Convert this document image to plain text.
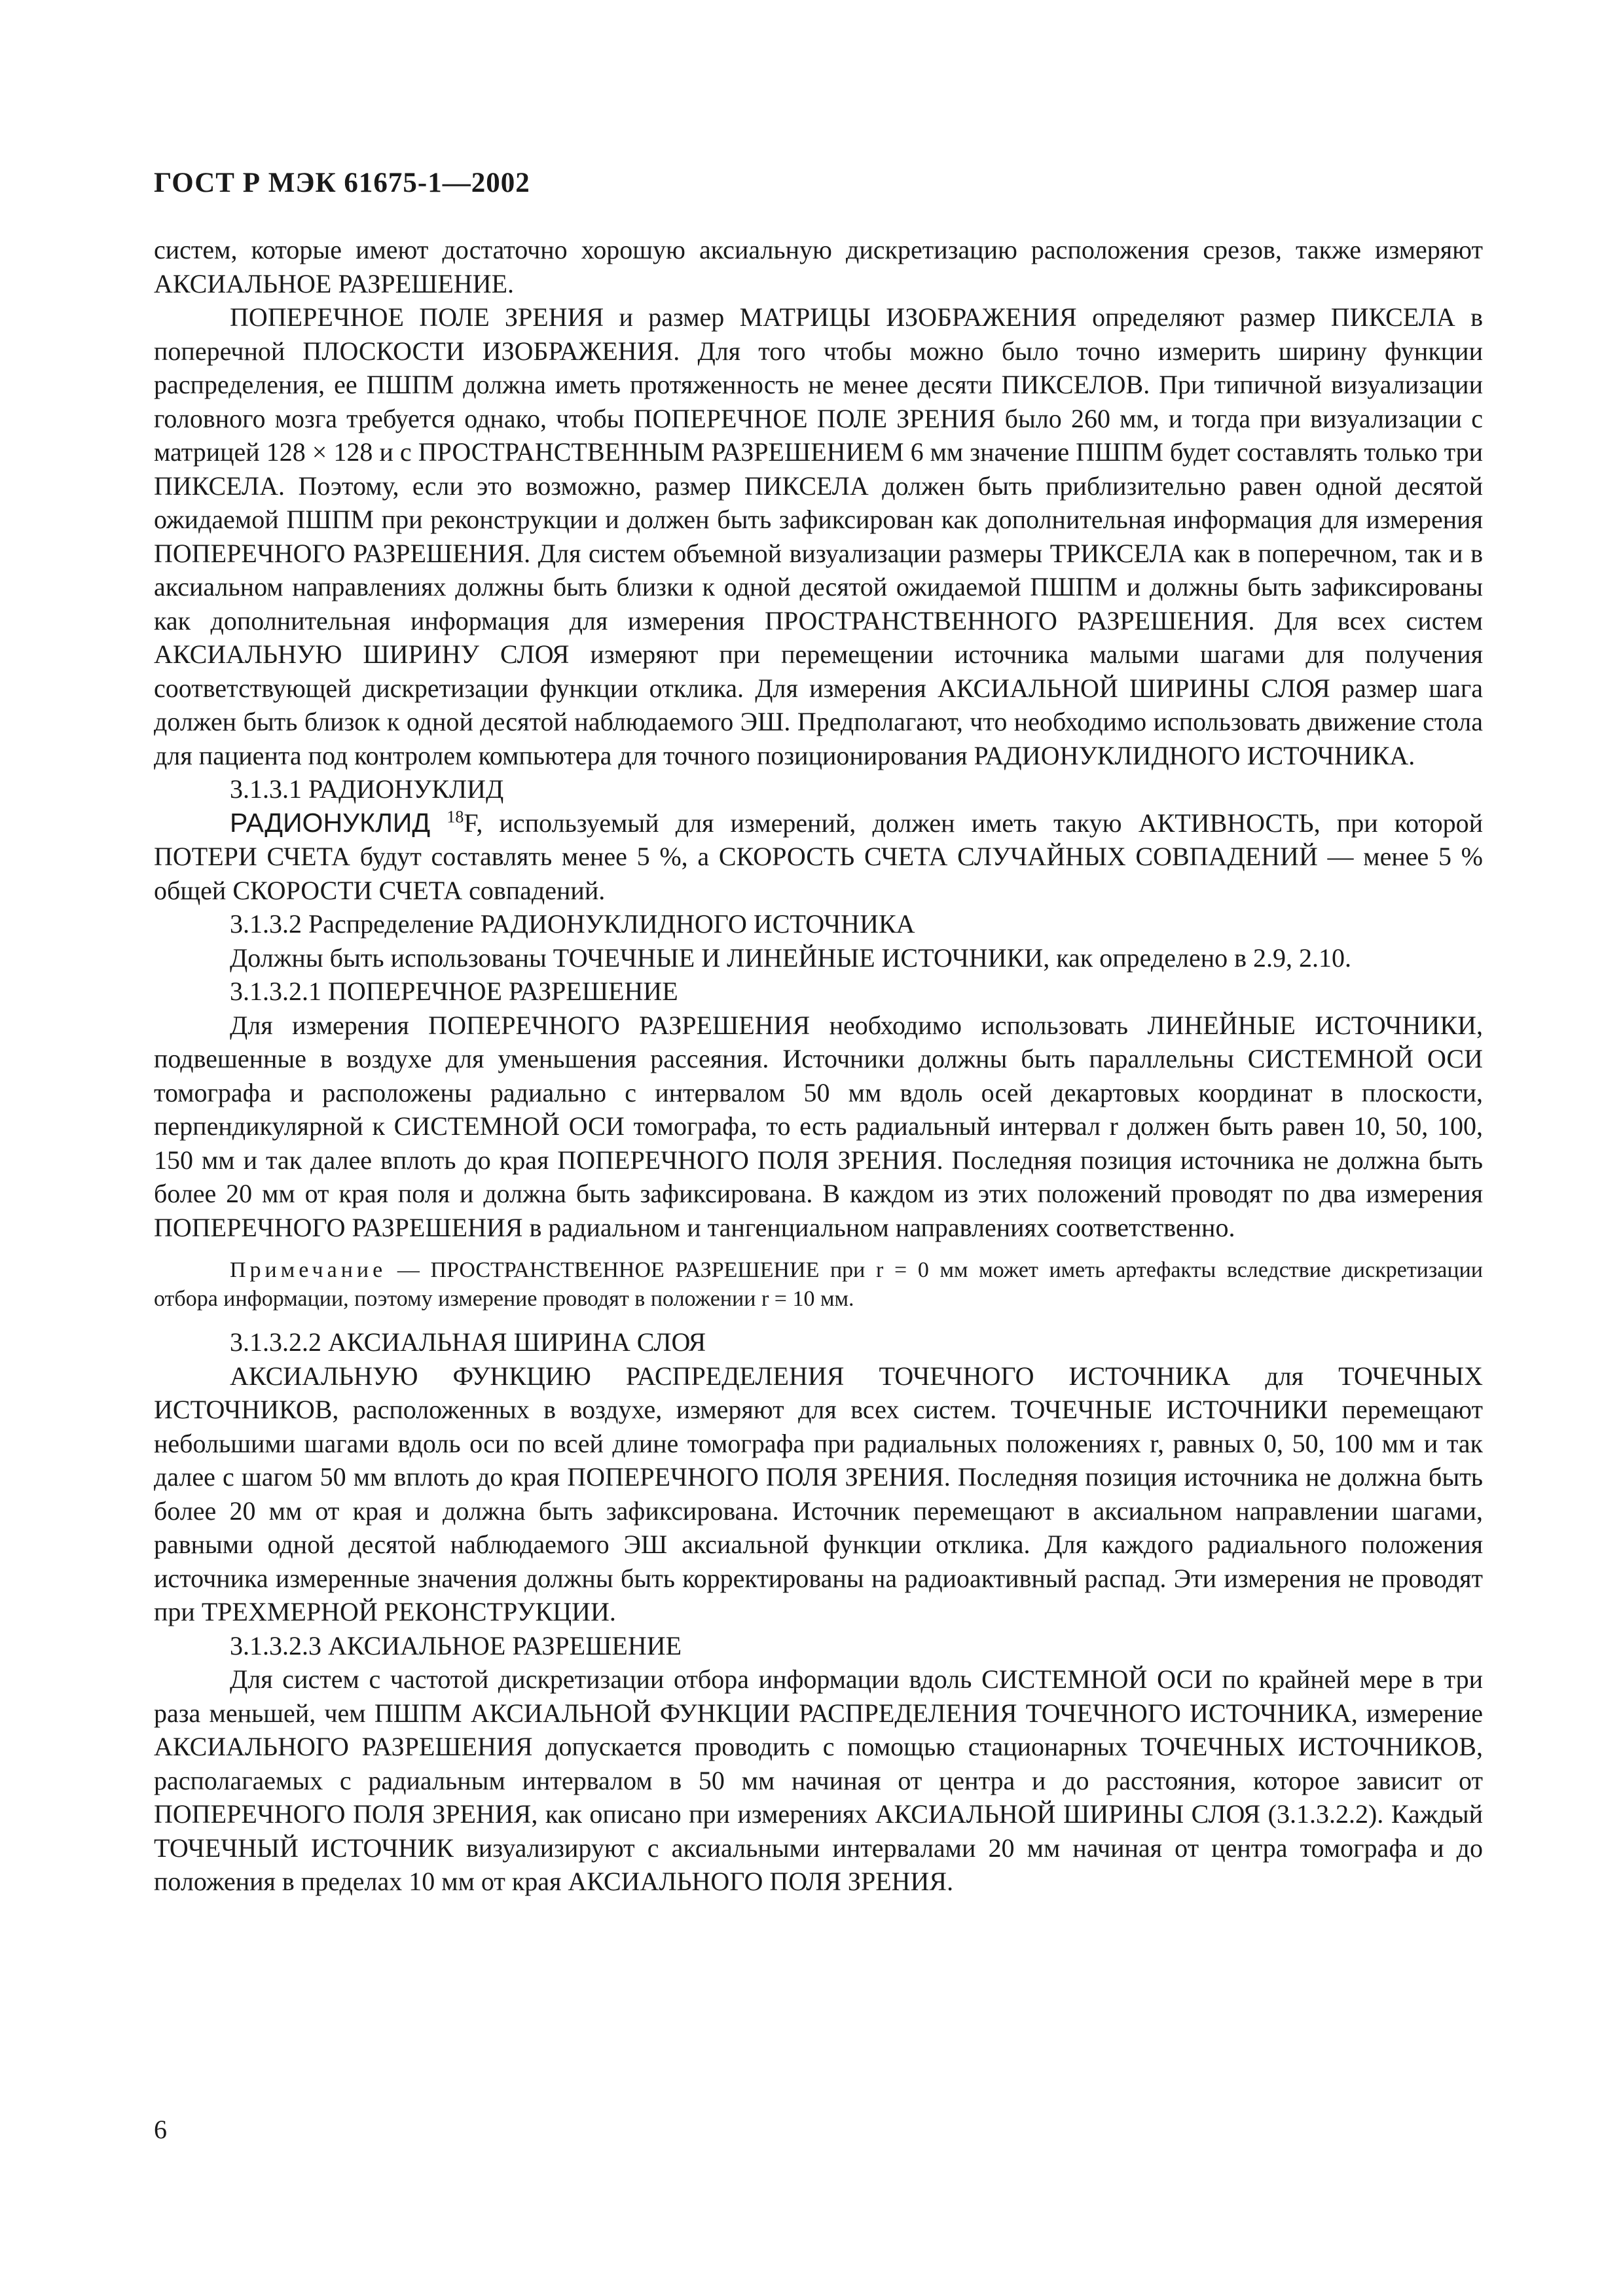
ГОСТ Р МЭК 61675-1—2002

систем, которые имеют достаточно хорошую аксиальную дискретизацию расположения срезов, также измеряют АКСИАЛЬНОЕ РАЗРЕШЕНИЕ.

ПОПЕРЕЧНОЕ ПОЛЕ ЗРЕНИЯ и размер МАТРИЦЫ ИЗОБРАЖЕНИЯ определяют размер ПИКСЕЛА в поперечной ПЛОСКОСТИ ИЗОБРАЖЕНИЯ. Для того чтобы можно было точно измерить ширину функции распределения, ее ПШПМ должна иметь протяженность не менее десяти ПИКСЕЛОВ. При типичной визуализации головного мозга требуется однако, чтобы ПОПЕРЕЧНОЕ ПОЛЕ ЗРЕНИЯ было 260 мм, и тогда при визуализации с матрицей 128 × 128 и с ПРОСТРАНСТВЕННЫМ РАЗРЕШЕНИЕМ 6 мм значение ПШПМ будет составлять только три ПИКСЕЛА. Поэтому, если это возможно, размер ПИКСЕЛА должен быть приблизительно равен одной десятой ожидаемой ПШПМ при реконструкции и должен быть зафиксирован как дополнительная информация для измерения ПОПЕРЕЧНОГО РАЗРЕШЕНИЯ. Для систем объемной визуализации размеры ТРИКСЕЛА как в поперечном, так и в аксиальном направлениях должны быть близки к одной десятой ожидаемой ПШПМ и должны быть зафиксированы как дополнительная информация для измерения ПРОСТРАНСТВЕННОГО РАЗРЕШЕНИЯ. Для всех систем АКСИАЛЬНУЮ ШИРИНУ СЛОЯ измеряют при перемещении источника малыми шагами для получения соответствующей дискретизации функции отклика. Для измерения АКСИАЛЬНОЙ ШИРИНЫ СЛОЯ размер шага должен быть близок к одной десятой наблюдаемого ЭШ. Предполагают, что необходимо использовать движение стола для пациента под контролем компьютера для точного позиционирования РАДИОНУКЛИДНОГО ИСТОЧНИКА.

3.1.3.1 РАДИОНУКЛИД

РАДИОНУКЛИД $^{18}$F, используемый для измерений, должен иметь такую АКТИВНОСТЬ, при которой ПОТЕРИ СЧЕТА будут составлять менее 5 %, а СКОРОСТЬ СЧЕТА СЛУЧАЙНЫХ СОВПАДЕНИЙ — менее 5 % общей СКОРОСТИ СЧЕТА совпадений.

3.1.3.2 Распределение РАДИОНУКЛИДНОГО ИСТОЧНИКА

Должны быть использованы ТОЧЕЧНЫЕ И ЛИНЕЙНЫЕ ИСТОЧНИКИ, как определено в 2.9, 2.10.

3.1.3.2.1 ПОПЕРЕЧНОЕ РАЗРЕШЕНИЕ

Для измерения ПОПЕРЕЧНОГО РАЗРЕШЕНИЯ необходимо использовать ЛИНЕЙНЫЕ ИСТОЧНИКИ, подвешенные в воздухе для уменьшения рассеяния. Источники должны быть параллельны СИСТЕМНОЙ ОСИ томографа и расположены радиально с интервалом 50 мм вдоль осей декартовых координат в плоскости, перпендикулярной к СИСТЕМНОЙ ОСИ томографа, то есть радиальный интервал r должен быть равен 10, 50, 100, 150 мм и так далее вплоть до края ПОПЕРЕЧНОГО ПОЛЯ ЗРЕНИЯ. Последняя позиция источника не должна быть более 20 мм от края поля и должна быть зафиксирована. В каждом из этих положений проводят по два измерения ПОПЕРЕЧНОГО РАЗРЕШЕНИЯ в радиальном и тангенциальном направлениях соответственно.

Примечание — ПРОСТРАНСТВЕННОЕ РАЗРЕШЕНИЕ при r = 0 мм может иметь артефакты вследствие дискретизации отбора информации, поэтому измерение проводят в положении r = 10 мм.

3.1.3.2.2 АКСИАЛЬНАЯ ШИРИНА СЛОЯ

АКСИАЛЬНУЮ ФУНКЦИЮ РАСПРЕДЕЛЕНИЯ ТОЧЕЧНОГО ИСТОЧНИКА для ТОЧЕЧНЫХ ИСТОЧНИКОВ, расположенных в воздухе, измеряют для всех систем. ТОЧЕЧНЫЕ ИСТОЧНИКИ перемещают небольшими шагами вдоль оси по всей длине томографа при радиальных положениях r, равных 0, 50, 100 мм и так далее с шагом 50 мм вплоть до края ПОПЕРЕЧНОГО ПОЛЯ ЗРЕНИЯ. Последняя позиция источника не должна быть более 20 мм от края и должна быть зафиксирована. Источник перемещают в аксиальном направлении шагами, равными одной десятой наблюдаемого ЭШ аксиальной функции отклика. Для каждого радиального положения источника измеренные значения должны быть корректированы на радиоактивный распад. Эти измерения не проводят при ТРЕХМЕРНОЙ РЕКОНСТРУКЦИИ.

3.1.3.2.3 АКСИАЛЬНОЕ РАЗРЕШЕНИЕ

Для систем с частотой дискретизации отбора информации вдоль СИСТЕМНОЙ ОСИ по крайней мере в три раза меньшей, чем ПШПМ АКСИАЛЬНОЙ ФУНКЦИИ РАСПРЕДЕЛЕНИЯ ТОЧЕЧНОГО ИСТОЧНИКА, измерение АКСИАЛЬНОГО РАЗРЕШЕНИЯ допускается проводить с помощью стационарных ТОЧЕЧНЫХ ИСТОЧНИКОВ, располагаемых с радиальным интервалом в 50 мм начиная от центра и до расстояния, которое зависит от ПОПЕРЕЧНОГО ПОЛЯ ЗРЕНИЯ, как описано при измерениях АКСИАЛЬНОЙ ШИРИНЫ СЛОЯ (3.1.3.2.2). Каждый ТОЧЕЧНЫЙ ИСТОЧНИК визуализируют с аксиальными интервалами 20 мм начиная от центра томографа и до положения в пределах 10 мм от края АКСИАЛЬНОГО ПОЛЯ ЗРЕНИЯ.

6
